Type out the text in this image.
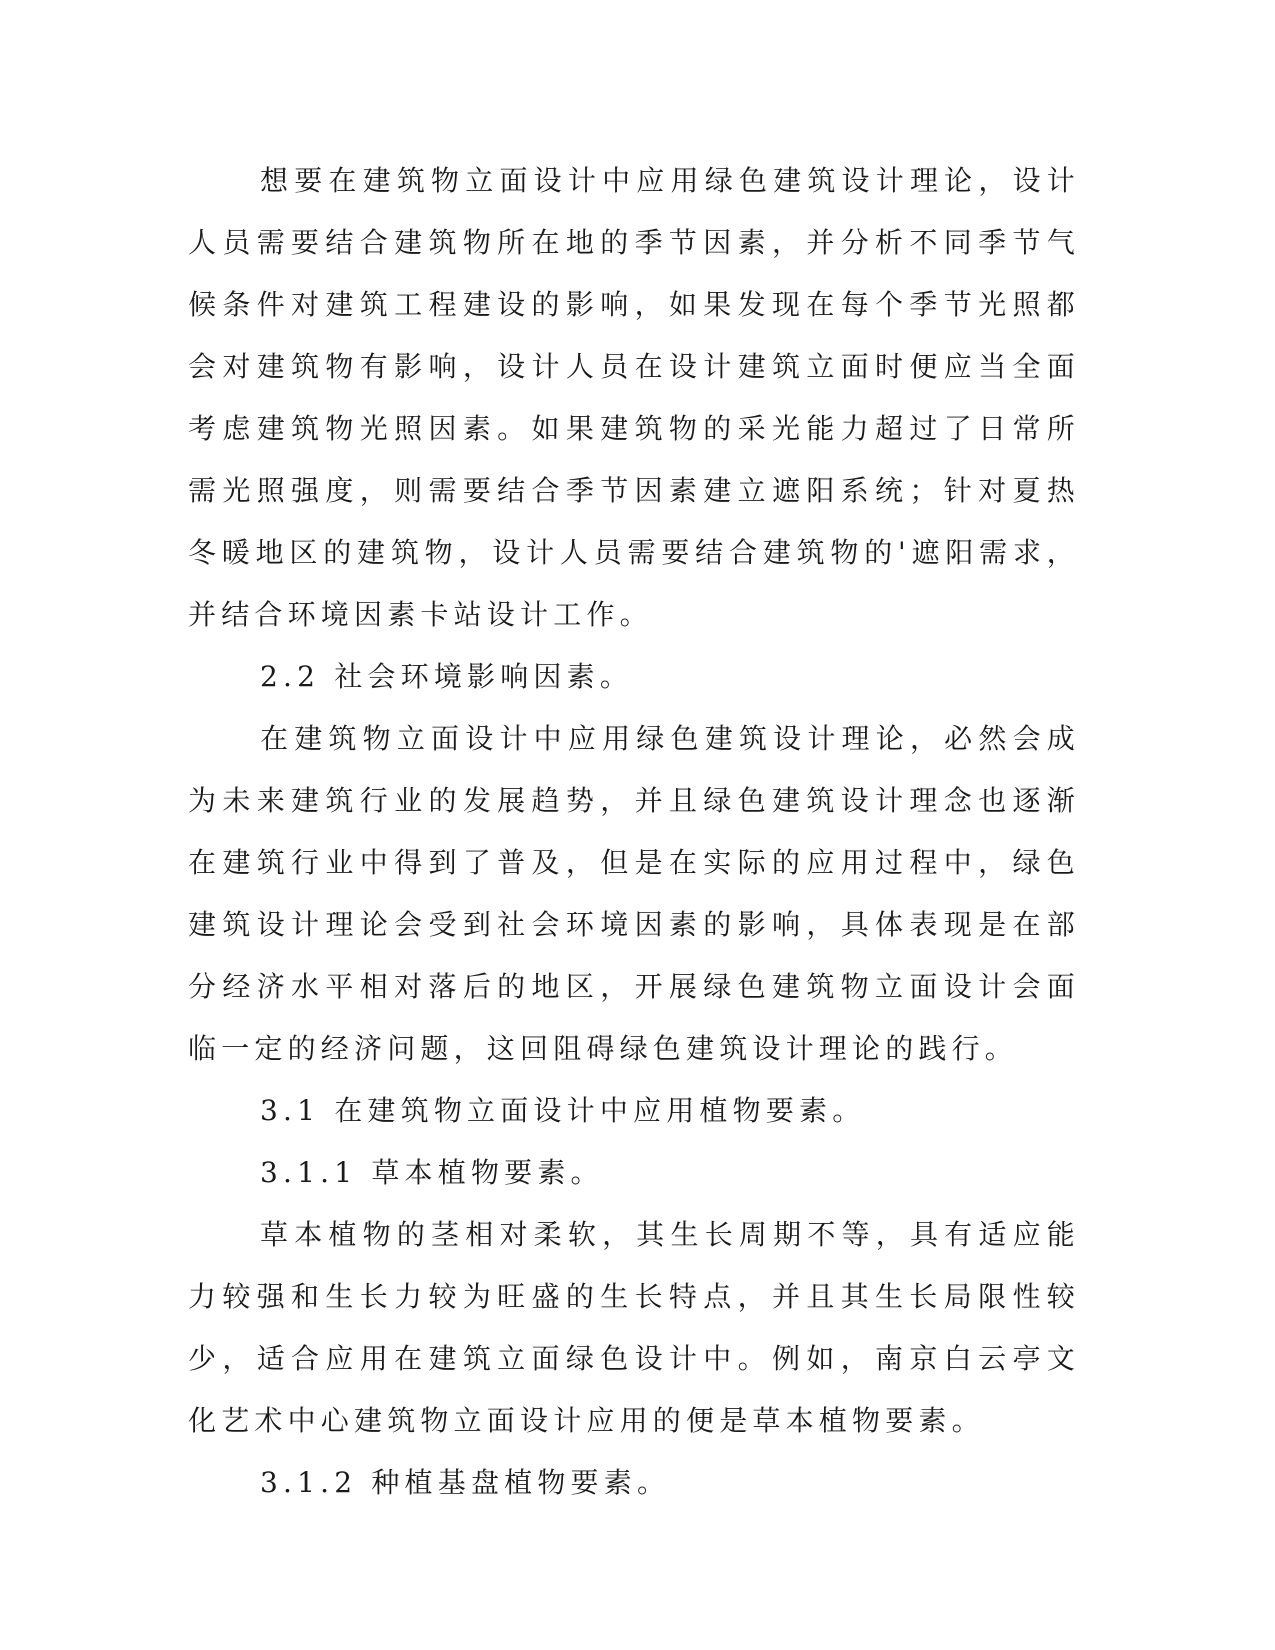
想要在建筑物立面设计中应用绿色建筑设计理论，设计人员需要结合建筑物所在地的季节因素，并分析不同季节气候条件对建筑工程建设的影响，如果发现在每个季节光照都会对建筑物有影响，设计人员在设计建筑立面时便应当全面考虑建筑物光照因素。如果建筑物的采光能力超过了日常所需光照强度，则需要结合季节因素建立遮阳系统；针对夏热冬暖地区的建筑物，设计人员需要结合建筑物的'遮阳需求，并结合环境因素卡站设计工作。

2.2 社会环境影响因素。

在建筑物立面设计中应用绿色建筑设计理论，必然会成为未来建筑行业的发展趋势，并且绿色建筑设计理念也逐渐在建筑行业中得到了普及，但是在实际的应用过程中，绿色建筑设计理论会受到社会环境因素的影响，具体表现是在部分经济水平相对落后的地区，开展绿色建筑物立面设计会面临一定的经济问题，这回阻碍绿色建筑设计理论的践行。

3.1 在建筑物立面设计中应用植物要素。

3.1.1 草本植物要素。

草本植物的茎相对柔软，其生长周期不等，具有适应能力较强和生长力较为旺盛的生长特点，并且其生长局限性较少，适合应用在建筑立面绿色设计中。例如，南京白云亭文化艺术中心建筑物立面设计应用的便是草本植物要素。

3.1.2 种植基盘植物要素。
